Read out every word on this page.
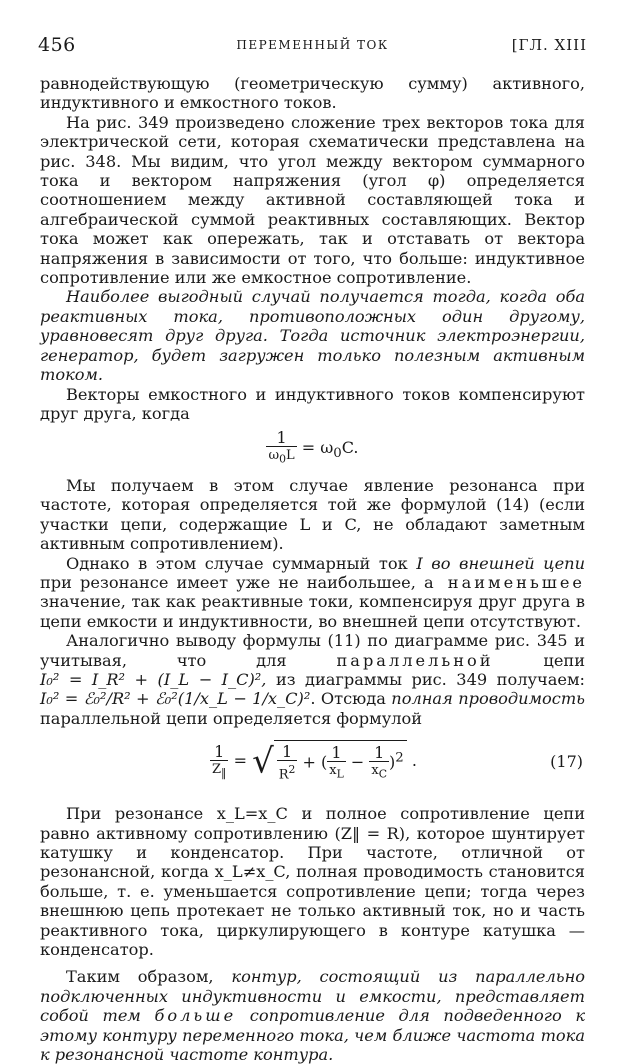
456	ПЕРЕМЕННЫЙ ТОК	[ГЛ. XIII

равнодействующую (геометрическую сумму) активного, индуктивного и емкостного токов.

На рис. 349 произведено сложение трех векторов тока для электрической сети, которая схематически представлена на рис. 348. Мы видим, что угол между вектором суммарного тока и вектором напряжения (угол φ) определяется соотношением между активной составляющей тока и алгебраической суммой реактивных составляющих. Вектор тока может как опережать, так и отставать от вектора напряжения в зависимости от того, что больше: индуктивное сопротивление или же емкостное сопротивление.

Наиболее выгодный случай получается тогда, когда оба реактивных тока, противоположных один другому, уравновесят друг друга. Тогда источник электроэнергии, генератор, будет загружен только полезным активным током.

Векторы емкостного и индуктивного токов компенсируют друг друга, когда

$\frac{1}{\omega_0L} = \omega_0C$.

Мы получаем в этом случае явление резонанса при частоте, которая определяется той же формулой (14) (если участки цепи, содержащие L и C, не обладают заметным активным сопротивлением).

Однако в этом случае суммарный ток I во внешней цепи при резонансе имеет уже не наибольшее, а наименьшее значение, так как реактивные токи, компенсируя друг друга в цепи емкости и индуктивности, во внешней цепи отсутствуют.

Аналогично выводу формулы (11) по диаграмме рис. 345 и учитывая, что для	параллельной	цепи I₀² = I_R² + (I_L − I_C)², из диаграммы рис. 349 получаем: I₀² = ℰ₀²/R² + ℰ₀²(1/x_L − 1/x_C)². Отсюда полная проводимость параллельной цепи определяется формулой

$\frac{1}{Z_‖}$ = √ $\frac{1}{R^2}$ + ( $\frac{1}{x_L} - \frac{1}{x_C} )^2$ .	(17)

При резонансе x_L=x_C и полное сопротивление цепи равно активному сопротивлению (Z‖ = R), которое шунтирует катушку и конденсатор. При частоте, отличной от резонансной, когда x_L≠x_C, полная проводимость становится больше, т. е. уменьшается сопротивление цепи; тогда через внешнюю цепь протекает не только активный ток, но и часть реактивного тока, циркулирующего в контуре катушка — конденсатор.

Таким образом, контур, состоящий из параллельно подключенных индуктивности и емкости, представляет собой тем больше сопротивление для подведенного к этому контуру переменного тока, чем ближе частота тока к резонансной частоте контура.
